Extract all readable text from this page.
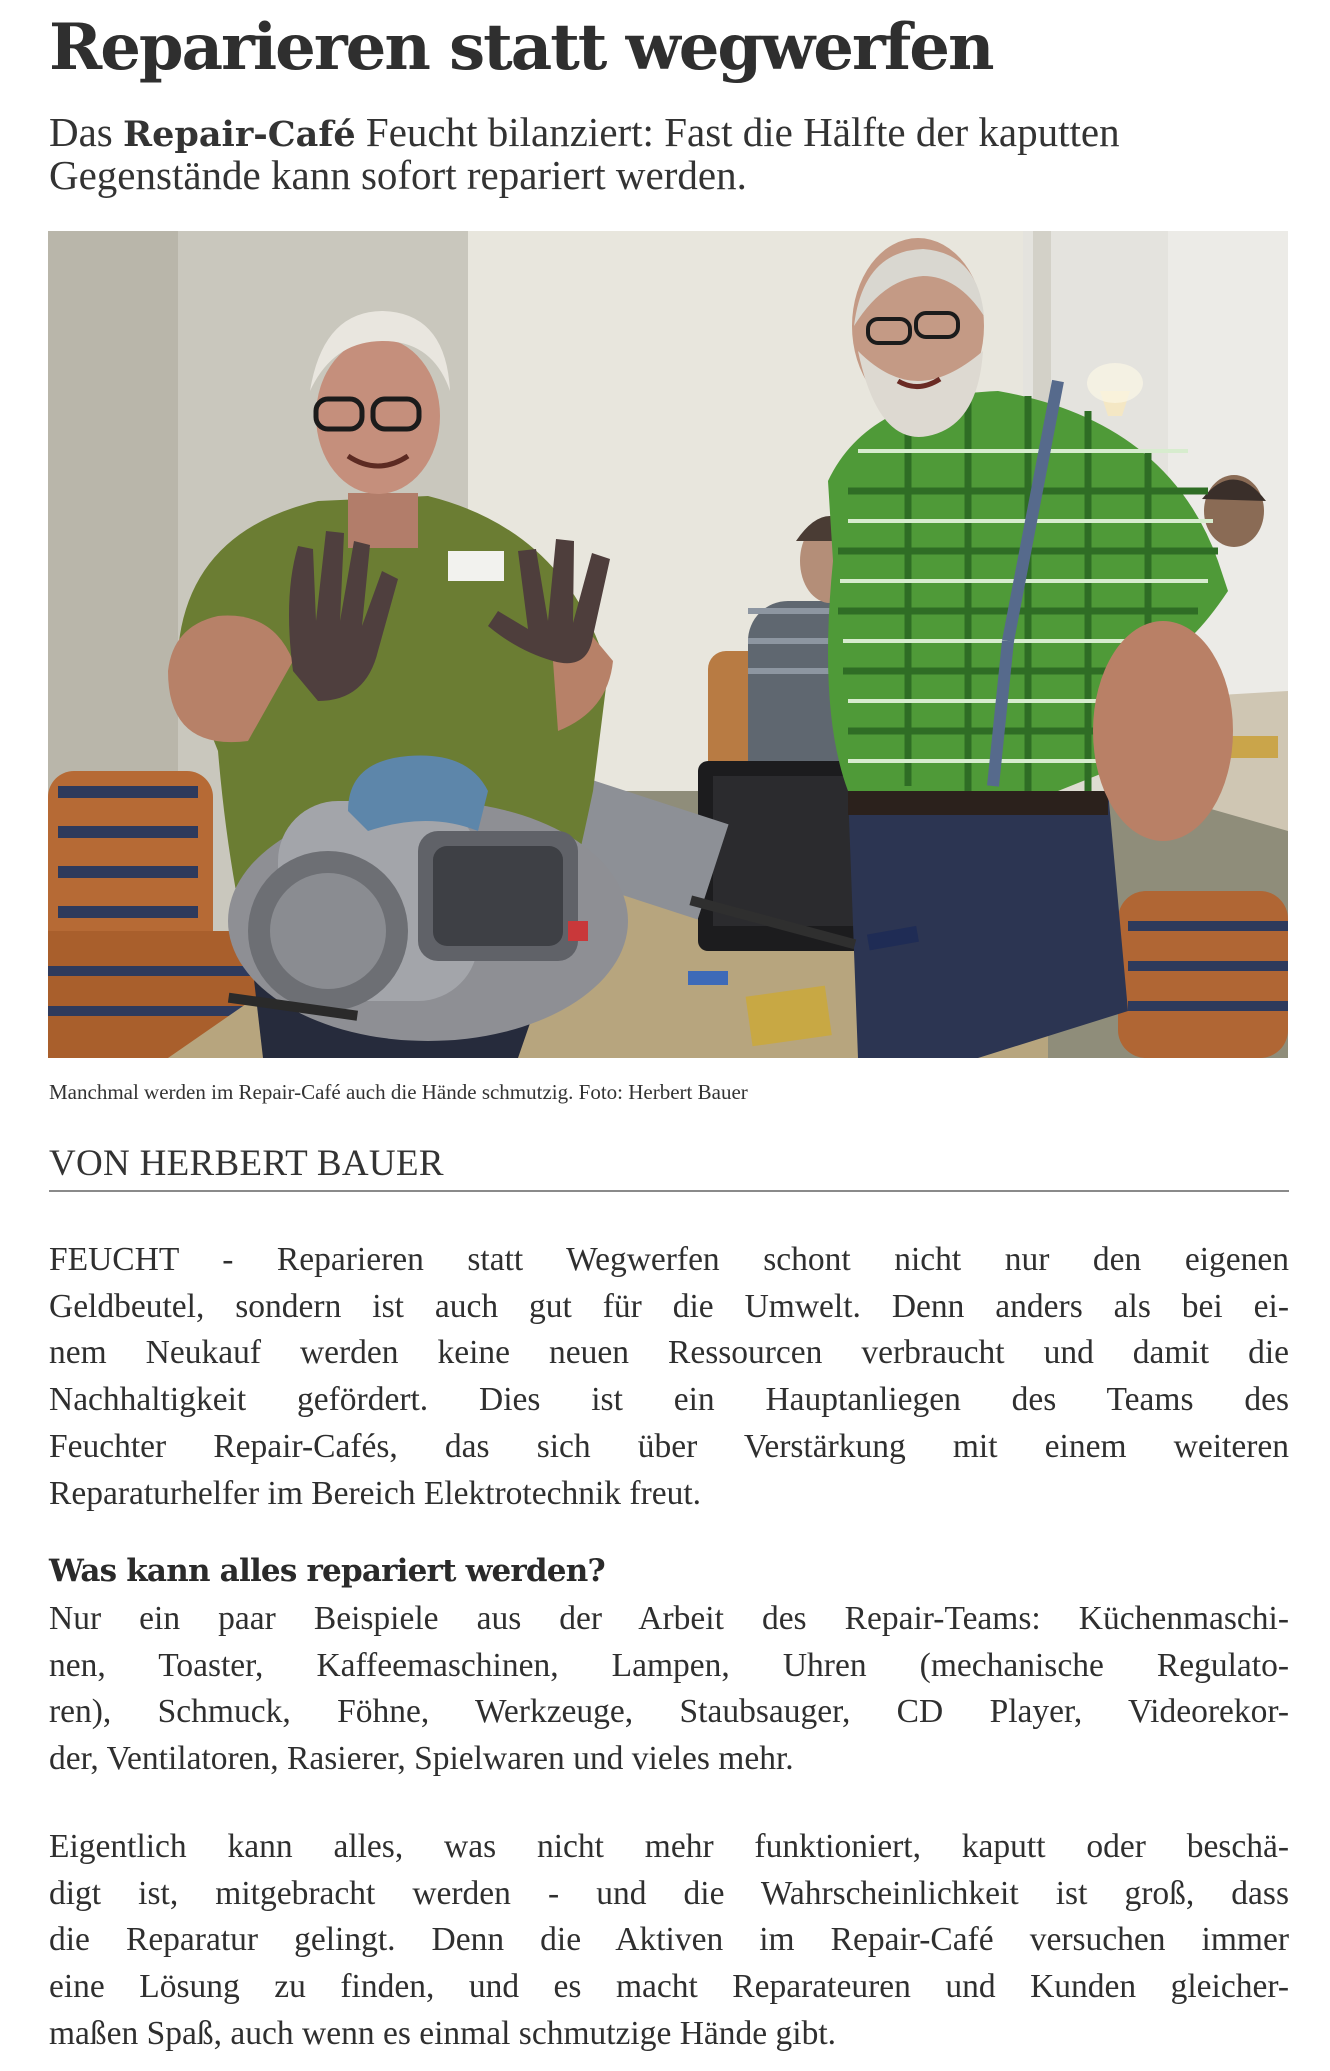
Reparieren statt wegwerfen

Das Repair-Café Feucht bilanziert: Fast die Hälfte der kaputten
Gegenstände kann sofort repariert werden.

Manchmal werden im Repair-Café auch die Hände schmutzig. Foto: Herbert Bauer

VON HERBERT BAUER

FEUCHT - Reparieren statt Wegwerfen schont nicht nur den eigenen
Geldbeutel, sondern ist auch gut für die Umwelt. Denn anders als bei ei-
nem Neukauf werden keine neuen Ressourcen verbraucht und damit die
Nachhaltigkeit gefördert. Dies ist ein Hauptanliegen des Teams des
Feuchter Repair-Cafés, das sich über Verstärkung mit einem weiteren
Reparaturhelfer im Bereich Elektrotechnik freut.

Was kann alles repariert werden?

Nur ein paar Beispiele aus der Arbeit des Repair-Teams: Küchenmaschi-
nen, Toaster, Kaffeemaschinen, Lampen, Uhren (mechanische Regulato-
ren), Schmuck, Föhne, Werkzeuge, Staubsauger, CD Player, Videorekor-
der, Ventilatoren, Rasierer, Spielwaren und vieles mehr.

Eigentlich kann alles, was nicht mehr funktioniert, kaputt oder beschä-
digt ist, mitgebracht werden - und die Wahrscheinlichkeit ist groß, dass
die Reparatur gelingt. Denn die Aktiven im Repair-Café versuchen immer
eine Lösung zu finden, und es macht Reparateuren und Kunden gleicher-
maßen Spaß, auch wenn es einmal schmutzige Hände gibt.
